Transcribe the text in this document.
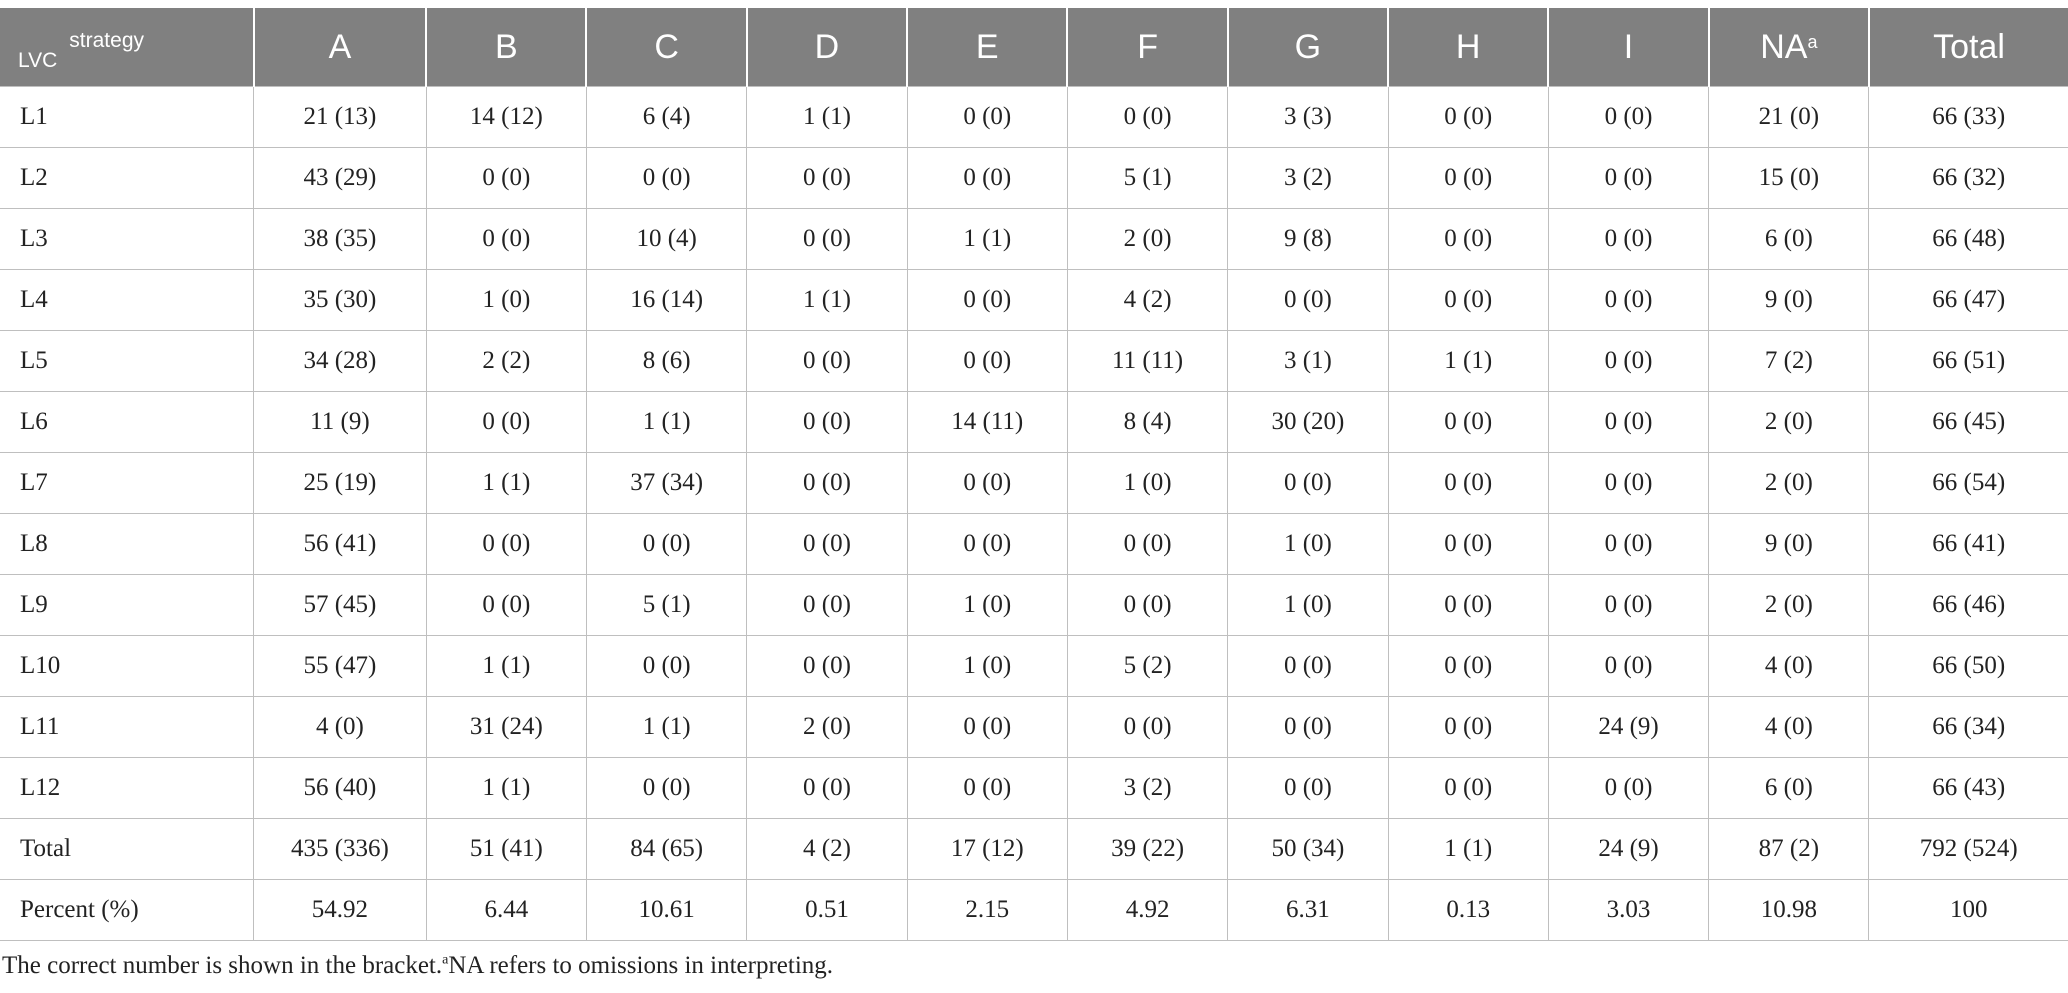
$LVC^{strategy}$	A	B	C	D	E	F	G	H	I	$NA^a$	Total
L1	21 (13)	14 (12)	6 (4)	1 (1)	0 (0)	0 (0)	3 (3)	0 (0)	0 (0)	21 (0)	66 (33)
L2	43 (29)	0 (0)	0 (0)	0 (0)	0 (0)	5 (1)	3 (2)	0 (0)	0 (0)	15 (0)	66 (32)
L3	38 (35)	0 (0)	10 (4)	0 (0)	1 (1)	2 (0)	9 (8)	0 (0)	0 (0)	6 (0)	66 (48)
L4	35 (30)	1 (0)	16 (14)	1 (1)	0 (0)	4 (2)	0 (0)	0 (0)	0 (0)	9 (0)	66 (47)
L5	34 (28)	2 (2)	8 (6)	0 (0)	0 (0)	11 (11)	3 (1)	1 (1)	0 (0)	7 (2)	66 (51)
L6	11 (9)	0 (0)	1 (1)	0 (0)	14 (11)	8 (4)	30 (20)	0 (0)	0 (0)	2 (0)	66 (45)
L7	25 (19)	1 (1)	37 (34)	0 (0)	0 (0)	1 (0)	0 (0)	0 (0)	0 (0)	2 (0)	66 (54)
L8	56 (41)	0 (0)	0 (0)	0 (0)	0 (0)	0 (0)	1 (0)	0 (0)	0 (0)	9 (0)	66 (41)
L9	57 (45)	0 (0)	5 (1)	0 (0)	1 (0)	0 (0)	1 (0)	0 (0)	0 (0)	2 (0)	66 (46)
L10	55 (47)	1 (1)	0 (0)	0 (0)	1 (0)	5 (2)	0 (0)	0 (0)	0 (0)	4 (0)	66 (50)
L11	4 (0)	31 (24)	1 (1)	2 (0)	0 (0)	0 (0)	0 (0)	0 (0)	24 (9)	4 (0)	66 (34)
L12	56 (40)	1 (1)	0 (0)	0 (0)	0 (0)	3 (2)	0 (0)	0 (0)	0 (0)	6 (0)	66 (43)
Total	435 (336)	51 (41)	84 (65)	4 (2)	17 (12)	39 (22)	50 (34)	1 (1)	24 (9)	87 (2)	792 (524)
Percent (%)	54.92	6.44	10.61	0.51	2.15	4.92	6.31	0.13	3.03	10.98	100
The correct number is shown in the bracket.$^a$NA refers to omissions in interpreting.
